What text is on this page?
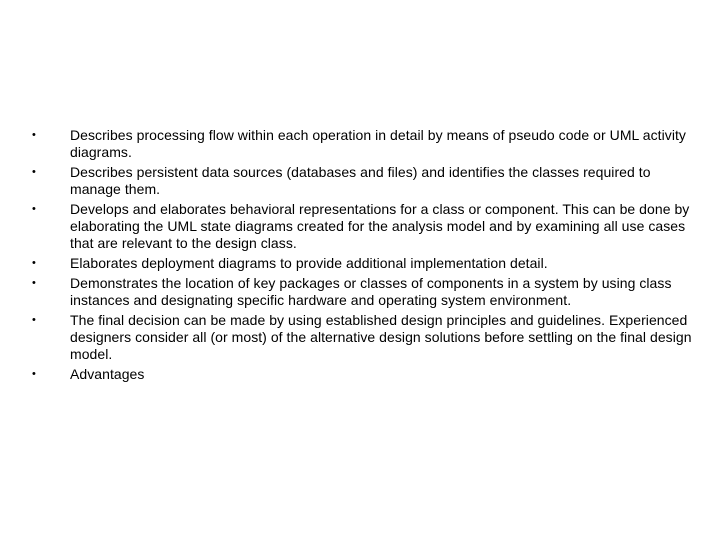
•	Describes processing flow within each operation in detail by means of pseudo code or UML activity diagrams.
•	Describes persistent data sources (databases and files) and identifies the classes required to manage them.
•	Develops and elaborates behavioral representations for a class or component. This can be done by elaborating the UML state diagrams created for the analysis model and by examining all use cases that are relevant to the design class.
•	Elaborates deployment diagrams to provide additional implementation detail.
•	Demonstrates the location of key packages or classes of components in a system by using class instances and designating specific hardware and operating system environment.
•	The final decision can be made by using established design principles and guidelines. Experienced designers consider all (or most) of the alternative design solutions before settling on the final design model.
•	Advantages
